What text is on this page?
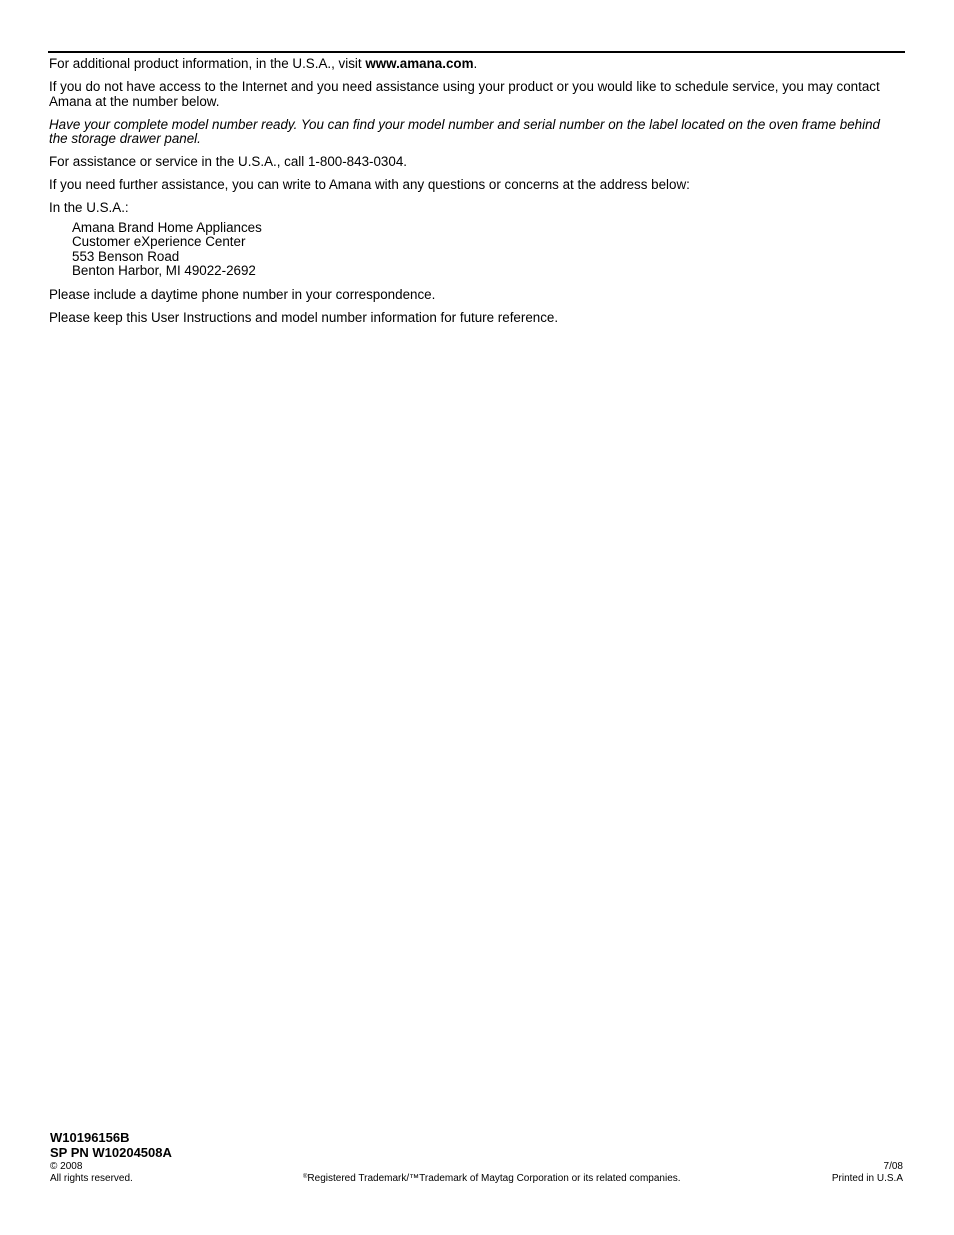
For additional product information, in the U.S.A., visit www.amana.com.

If you do not have access to the Internet and you need assistance using your product or you would like to schedule service, you may contact Amana at the number below.

Have your complete model number ready. You can find your model number and serial number on the label located on the oven frame behind the storage drawer panel.

For assistance or service in the U.S.A., call 1-800-843-0304.

If you need further assistance, you can write to Amana with any questions or concerns at the address below:

In the U.S.A.:

Amana Brand Home Appliances
Customer eXperience Center
553 Benson Road
Benton Harbor, MI 49022-2692

Please include a daytime phone number in your correspondence.

Please keep this User Instructions and model number information for future reference.

W10196156B
SP PN W10204508A
© 2008
All rights reserved.	®Registered Trademark/™Trademark of Maytag Corporation or its related companies.
7/08
Printed in U.S.A
